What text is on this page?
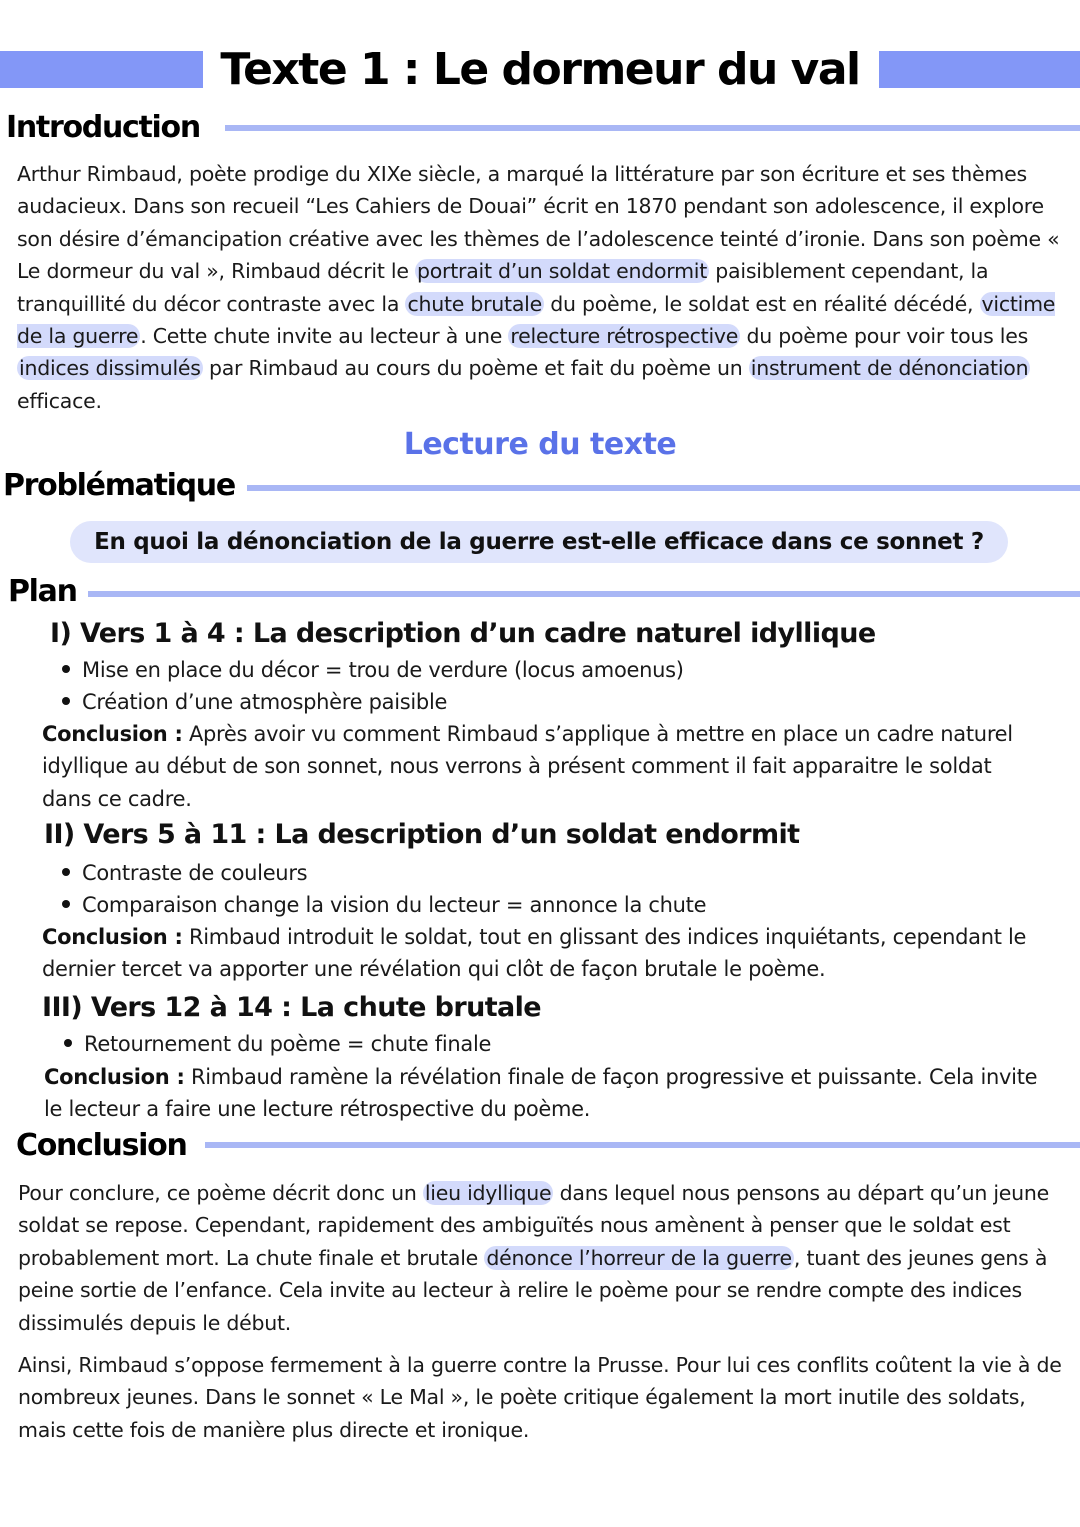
Texte 1 : Le dormeur du val
Introduction

Arthur Rimbaud, poète prodige du XIXe siècle, a marqué la littérature par son écriture et ses thèmes audacieux. Dans son recueil “Les Cahiers de Douai” écrit en 1870 pendant son adolescence, il explore son désire d’émancipation créative avec les thèmes de l’adolescence teinté d’ironie. Dans son poème « Le dormeur du val », Rimbaud décrit le portrait d’un soldat endormit paisiblement cependant, la tranquillité du décor contraste avec la chute brutale du poème, le soldat est en réalité décédé, victime de la guerre. Cette chute invite au lecteur à une relecture rétrospective du poème pour voir tous les indices dissimulés par Rimbaud au cours du poème et fait du poème un instrument de dénonciation efficace.

Lecture du texte
Problématique
En quoi la dénonciation de la guerre est-elle efficace dans ce sonnet ?
Plan
I) Vers 1 à 4 : La description d’un cadre naturel idyllique
Mise en place du décor = trou de verdure (locus amoenus)
Création d’une atmosphère paisible

Conclusion : Après avoir vu comment Rimbaud s’applique à mettre en place un cadre naturel idyllique au début de son sonnet, nous verrons à présent comment il fait apparaitre le soldat dans ce cadre.

II) Vers 5 à 11 : La description d’un soldat endormit
Contraste de couleurs
Comparaison change la vision du lecteur = annonce la chute

Conclusion : Rimbaud introduit le soldat, tout en glissant des indices inquiétants, cependant le dernier tercet va apporter une révélation qui clôt de façon brutale le poème.

III) Vers 12 à 14 : La chute brutale
Retournement du poème = chute finale

Conclusion : Rimbaud ramène la révélation finale de façon progressive et puissante. Cela invite le lecteur a faire une lecture rétrospective du poème.

Conclusion

Pour conclure, ce poème décrit donc un lieu idyllique dans lequel nous pensons au départ qu’un jeune soldat se repose. Cependant, rapidement des ambiguïtés nous amènent à penser que le soldat est probablement mort. La chute finale et brutale dénonce l’horreur de la guerre, tuant des jeunes gens à peine sortie de l’enfance. Cela invite au lecteur à relire le poème pour se rendre compte des indices dissimulés depuis le début.

Ainsi, Rimbaud s’oppose fermement à la guerre contre la Prusse. Pour lui ces conflits coûtent la vie à de nombreux jeunes. Dans le sonnet « Le Mal », le poète critique également la mort inutile des soldats, mais cette fois de manière plus directe et ironique.
